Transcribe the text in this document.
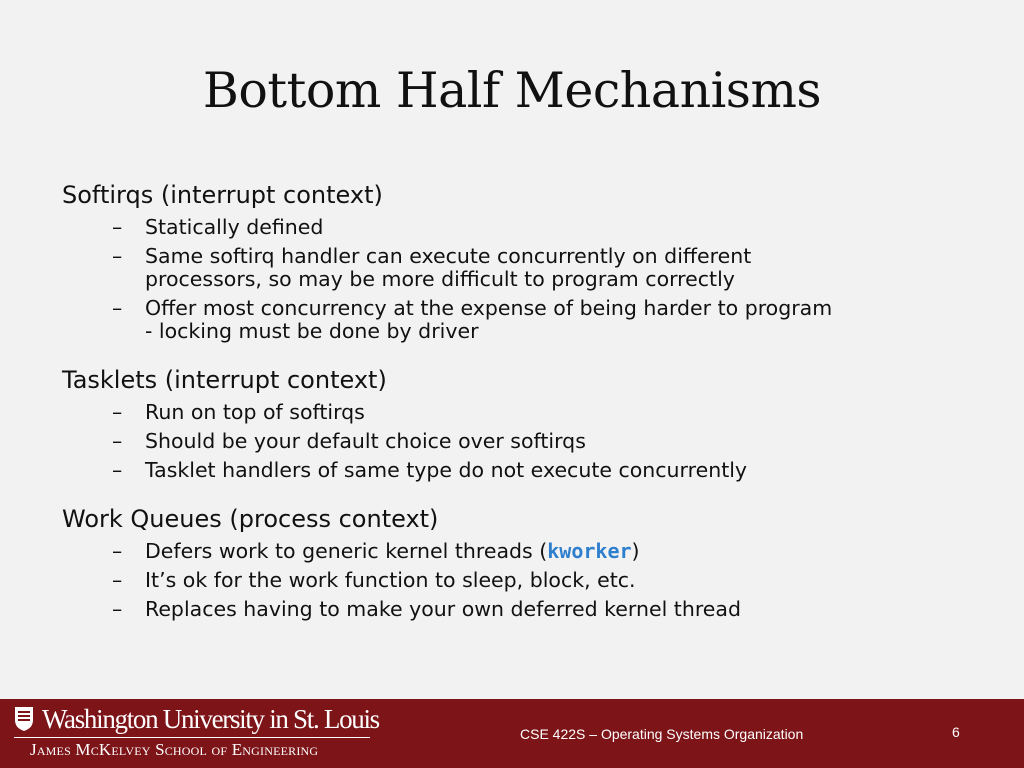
Bottom Half Mechanisms

Softirqs (interrupt context)

– Statically defined
– Same softirq handler can execute concurrently on different
processors, so may be more difficult to program correctly
– Offer most concurrency at the expense of being harder to program
- locking must be done by driver

Tasklets (interrupt context)

– Run on top of softirqs
– Should be your default choice over softirqs
– Tasklet handlers of same type do not execute concurrently

Work Queues (process context)

– Defers work to generic kernel threads (kworker)
– It’s ok for the work function to sleep, block, etc.
– Replaces having to make your own deferred kernel thread
Washington University in St. Louis
James McKelvey School of Engineering
CSE 422S – Operating Systems Organization	6
